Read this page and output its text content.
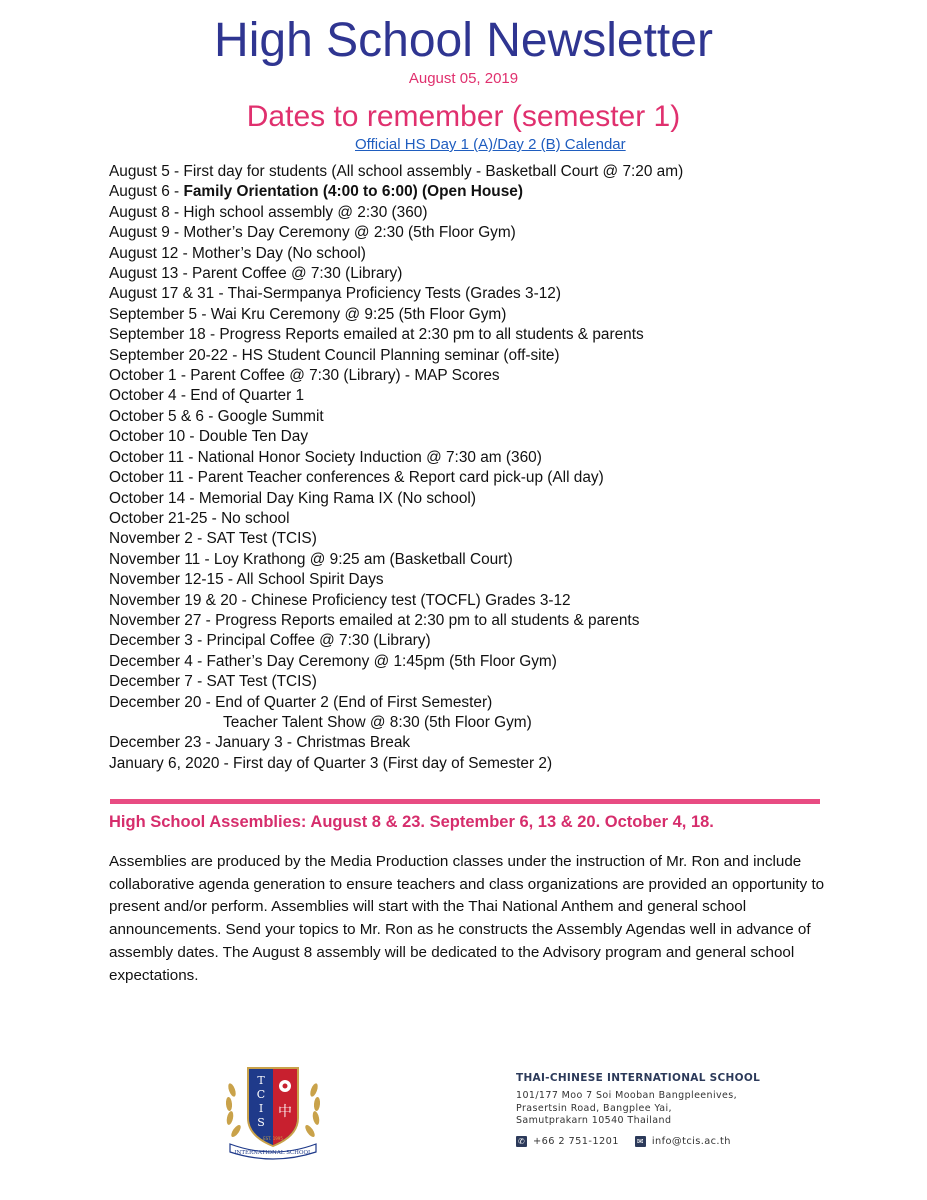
High School Newsletter
August 05, 2019
Dates to remember (semester 1)
Official HS Day 1 (A)/Day 2 (B) Calendar
August 5 - First day for students (All school assembly - Basketball Court @ 7:20 am)
August 6 - Family Orientation (4:00 to 6:00) (Open House)
August 8 - High school assembly @ 2:30 (360)
August 9 - Mother’s Day Ceremony @ 2:30 (5th Floor Gym)
August 12 - Mother’s Day (No school)
August 13 - Parent Coffee @ 7:30 (Library)
August 17 & 31 - Thai-Sermpanya Proficiency Tests (Grades 3-12)
September 5 - Wai Kru Ceremony @ 9:25 (5th Floor Gym)
September 18 - Progress Reports emailed at 2:30 pm to all students & parents
September 20-22 - HS Student Council Planning seminar (off-site)
October 1 - Parent Coffee @ 7:30 (Library) - MAP Scores
October 4 - End of Quarter 1
October 5 & 6 - Google Summit
October 10 - Double Ten Day
October 11 - National Honor Society Induction @ 7:30 am (360)
October 11 - Parent Teacher conferences & Report card pick-up (All day)
October 14 - Memorial Day King Rama IX (No school)
October 21-25 - No school
November 2 - SAT Test (TCIS)
November 11 - Loy Krathong @ 9:25 am (Basketball Court)
November 12-15 - All School Spirit Days
November 19 & 20 - Chinese Proficiency test (TOCFL) Grades 3-12
November 27 - Progress Reports emailed at 2:30 pm to all students & parents
December 3 - Principal Coffee @ 7:30 (Library)
December 4 - Father’s Day Ceremony @ 1:45pm (5th Floor Gym)
December 7 - SAT Test (TCIS)
December 20 - End of Quarter 2 (End of First Semester)
Teacher Talent Show @ 8:30 (5th Floor Gym)
December 23 - January 3 - Christmas Break
January 6, 2020 - First day of Quarter 3 (First day of Semester 2)
High School Assemblies: August 8 & 23. September 6, 13 & 20. October 4, 18.

Assemblies are produced by the Media Production classes under the instruction of Mr. Ron and include collaborative agenda generation to ensure teachers and class organizations are provided an opportunity to present and/or perform. Assemblies will start with the Thai National Anthem and general school announcements. Send your topics to Mr. Ron as he constructs the Assembly Agendas well in advance of assembly dates. The August 8 assembly will be dedicated to the Advisory program and general school expectations.

T
C
I
S
中
EST. 1995
INTERNATIONAL SCHOOL
THAI-CHINESE INTERNATIONAL SCHOOL
101/177 Moo 7 Soi Mooban Bangpleenives,
Prasertsin Road, Bangplee Yai,
Samutprakarn 10540 Thailand
✆ +66 2 751-1201 ✉ info@tcis.ac.th
